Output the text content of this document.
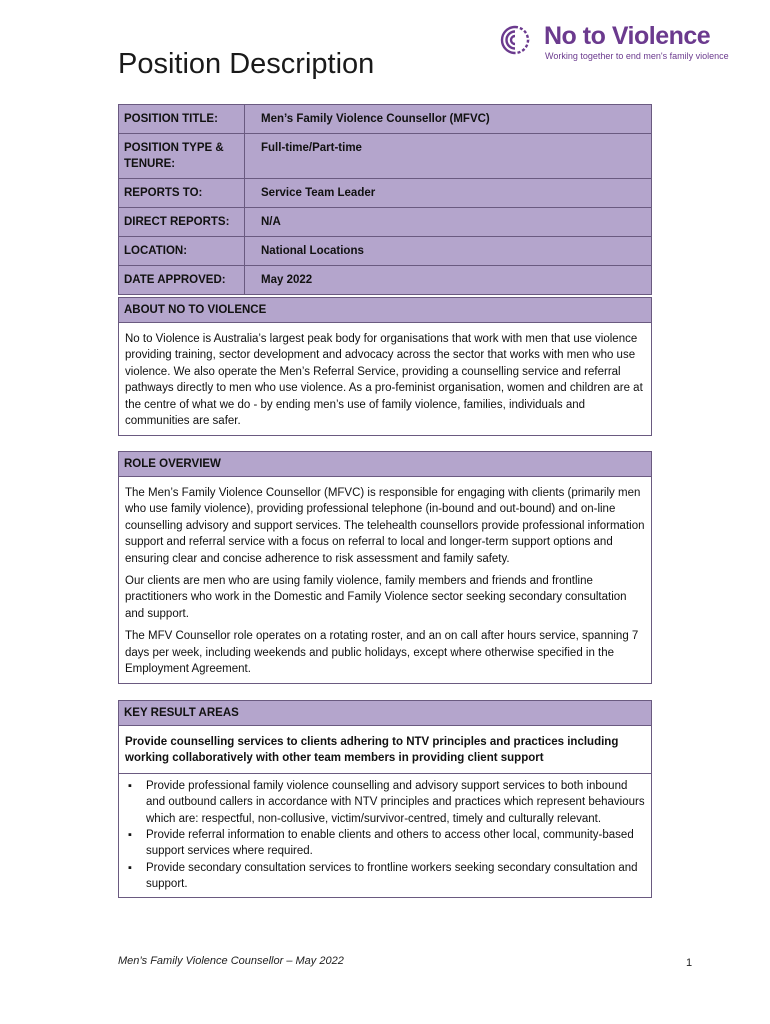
Position Description
No to Violence
Working together to end men's family violence
POSITION TITLE:	Men’s Family Violence Counsellor (MFVC)
POSITION TYPE & TENURE:	Full-time/Part-time
REPORTS TO:	Service Team Leader
DIRECT REPORTS:	N/A
LOCATION:	National Locations
DATE APPROVED:	May 2022
ABOUT NO TO VIOLENCE

No to Violence is Australia’s largest peak body for organisations that work with men that use violence providing training, sector development and advocacy across the sector that works with men who use violence. We also operate the Men’s Referral Service, providing a counselling service and referral pathways directly to men who use violence. As a pro-feminist organisation, women and children are at the centre of what we do - by ending men’s use of family violence, families, individuals and communities are safer.

ROLE OVERVIEW

The Men’s Family Violence Counsellor (MFVC) is responsible for engaging with clients (primarily men who use family violence), providing professional telephone (in-bound and out-bound) and on-line counselling advisory and support services. The telehealth counsellors provide professional information support and referral service with a focus on referral to local and longer-term support options and ensuring clear and concise adherence to risk assessment and family safety.

Our clients are men who are using family violence, family members and friends and frontline practitioners who work in the Domestic and Family Violence sector seeking secondary consultation and support.

The MFV Counsellor role operates on a rotating roster, and an on call after hours service, spanning 7 days per week, including weekends and public holidays, except where otherwise specified in the Employment Agreement.

KEY RESULT AREAS
Provide counselling services to clients adhering to NTV principles and practices including working collaboratively with other team members in providing client support
▪ Provide professional family violence counselling and advisory support services to both inbound and outbound callers in accordance with NTV principles and practices which represent behaviours which are: respectful, non-collusive, victim/survivor-centred, timely and culturally relevant.
▪ Provide referral information to enable clients and others to access other local, community-based support services where required.
▪ Provide secondary consultation services to frontline workers seeking secondary consultation and support.
Men’s Family Violence Counsellor – May 2022	1
